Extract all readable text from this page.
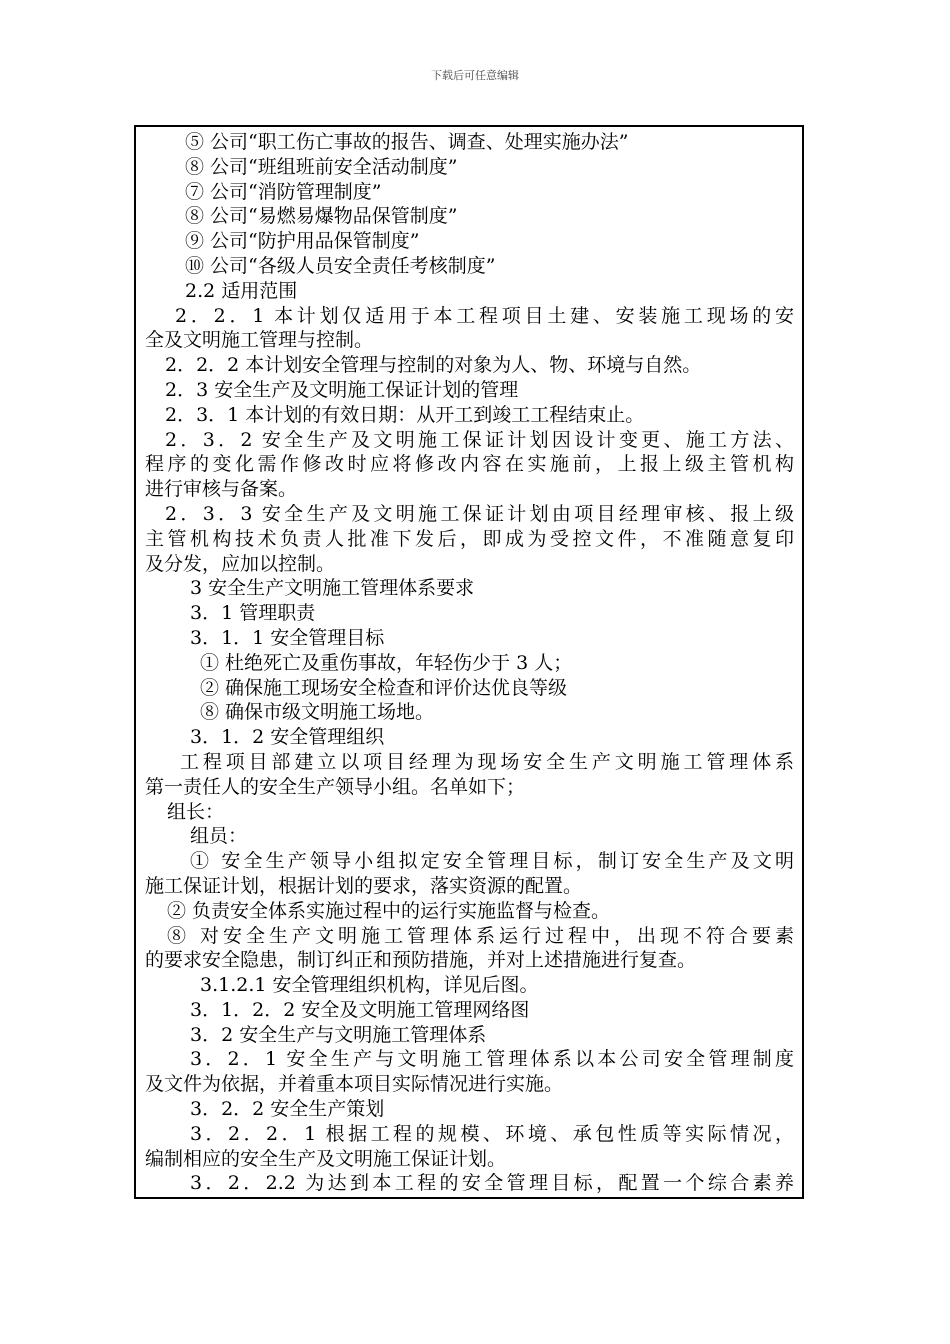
下载后可任意编辑
⑤ 公司“职工伤亡事故的报告、调查、处理实施办法”
⑧ 公司“班组班前安全活动制度”
⑦ 公司“消防管理制度”
⑧ 公司“易燃易爆物品保管制度”
⑨ 公司“防护用品保管制度”
⑩ 公司“各级人员安全责任考核制度”
2.2 适用范围
2．2．1 本计划仅适用于本工程项目土建、安装施工现场的安
全及文明施工管理与控制。
2．2．2 本计划安全管理与控制的对象为人、物、环境与自然。
2．3 安全生产及文明施工保证计划的管理
2．3．1 本计划的有效日期：从开工到竣工工程结束止。
2．3．2 安全生产及文明施工保证计划因设计变更、施工方法、
程序的变化需作修改时应将修改内容在实施前，上报上级主管机构
进行审核与备案。
2．3．3 安全生产及文明施工保证计划由项目经理审核、报上级
主管机构技术负责人批准下发后，即成为受控文件，不准随意复印
及分发，应加以控制。
3 安全生产文明施工管理体系要求
3．1 管理职责
3．1．1 安全管理目标
① 杜绝死亡及重伤事故，年轻伤少于 3 人；
② 确保施工现场安全检查和评价达优良等级
⑧ 确保市级文明施工场地。
3．1．2 安全管理组织
工程项目部建立以项目经理为现场安全生产文明施工管理体系
第一责任人的安全生产领导小组。名单如下；
组长：
组员：
① 安全生产领导小组拟定安全管理目标，制订安全生产及文明
施工保证计划，根据计划的要求，落实资源的配置。
② 负责安全体系实施过程中的运行实施监督与检查。
⑧ 对安全生产文明施工管理体系运行过程中，出现不符合要素
的要求安全隐患，制订纠正和预防措施，并对上述措施进行复查。
3.1.2.1 安全管理组织机构，详见后图。
3．1．2．2 安全及文明施工管理网络图
3．2 安全生产与文明施工管理体系
3．2．1 安全生产与文明施工管理体系以本公司安全管理制度
及文件为依据，并着重本项目实际情况进行实施。
3．2．2 安全生产策划
3．2．2．1 根据工程的规模、环境、承包性质等实际情况，
编制相应的安全生产及文明施工保证计划。
3．2．2.2 为达到本工程的安全管理目标，配置一个综合素养
